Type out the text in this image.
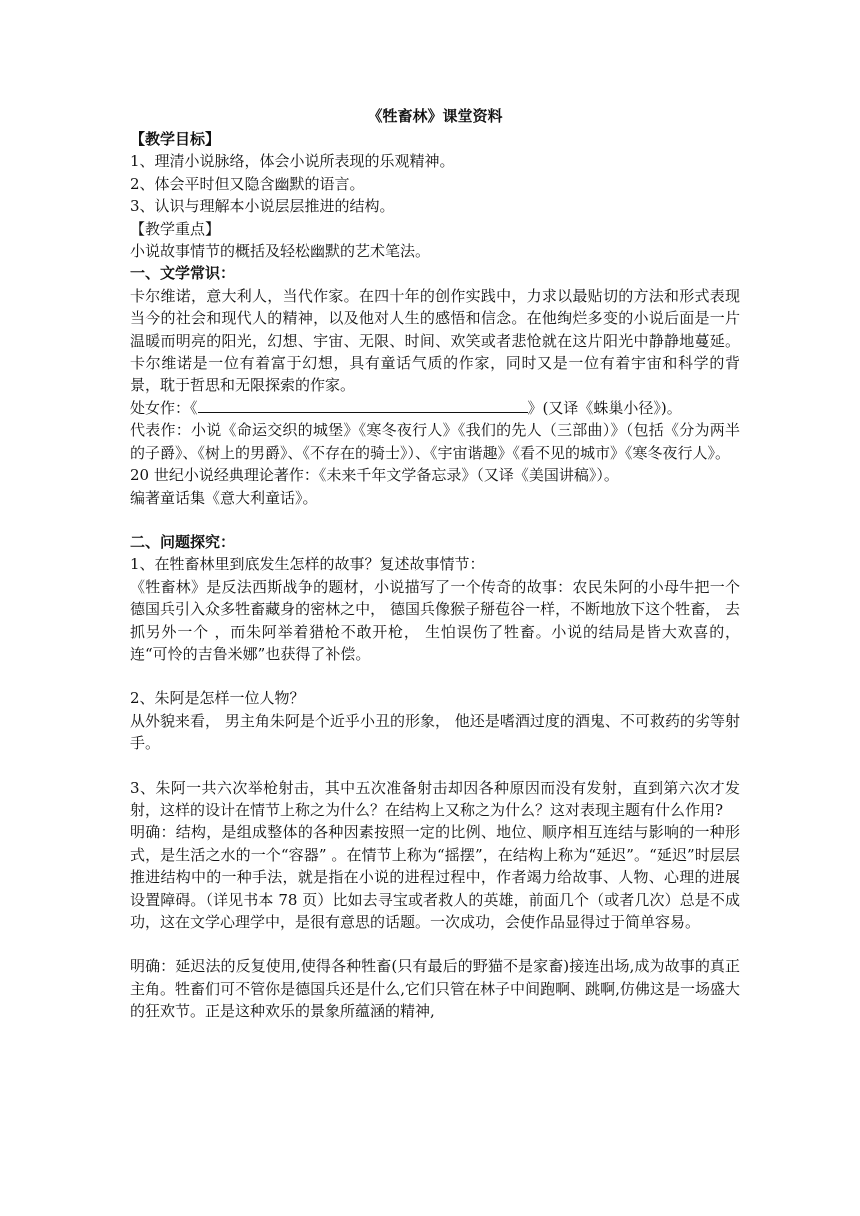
《牲畜林》课堂资料

【教学目标】

1、理清小说脉络，体会小说所表现的乐观精神。

2、体会平时但又隐含幽默的语言。

3、认识与理解本小说层层推进的结构。

【教学重点】

小说故事情节的概括及轻松幽默的艺术笔法。

一、文学常识：

卡尔维诺，意大利人，当代作家。在四十年的创作实践中，力求以最贴切的方法和形式表现当今的社会和现代人的精神，以及他对人生的感悟和信念。在他绚烂多变的小说后面是一片温暖而明亮的阳光，幻想、宇宙、无限、时间、欢笑或者悲怆就在这片阳光中静静地蔓延。卡尔维诺是一位有着富于幻想，具有童话气质的作家，同时又是一位有着宇宙和科学的背景，耽于哲思和无限探索的作家。

处女作：《	》(又译《蛛巢小径》)。

代表作：小说《命运交织的城堡》《寒冬夜行人》《我们的先人（三部曲）》（包括《分为两半的子爵》、《树上的男爵》、《不存在的骑士》）、《宇宙谐趣》《看不见的城市》《寒冬夜行人》。

20 世纪小说经典理论著作：《未来千年文学备忘录》（又译《美国讲稿》）。

编著童话集《意大利童话》。

二、问题探究：

1、在牲畜林里到底发生怎样的故事？复述故事情节：

《牲畜林》是反法西斯战争的题材，小说描写了一个传奇的故事：农民朱阿的小母牛把一个德国兵引入众多牲畜藏身的密林之中， 德国兵像猴子掰苞谷一样，不断地放下这个牲畜， 去抓另外一个 ，而朱阿举着猎枪不敢开枪， 生怕误伤了牲畜。小说的结局是皆大欢喜的， 连“可怜的吉鲁米娜”也获得了补偿。

2、朱阿是怎样一位人物？

从外貌来看， 男主角朱阿是个近乎小丑的形象， 他还是嗜酒过度的酒鬼、不可救药的劣等射手。

3、朱阿一共六次举枪射击，其中五次准备射击却因各种原因而没有发射，直到第六次才发射，这样的设计在情节上称之为什么？在结构上又称之为什么？这对表现主题有什么作用?

明确：结构，是组成整体的各种因素按照一定的比例、地位、顺序相互连结与影响的一种形式，是生活之水的一个“容器” 。在情节上称为“摇摆”，在结构上称为“延迟”。“延迟”时层层推进结构中的一种手法，就是指在小说的进程过程中，作者竭力给故事、人物、心理的进展设置障碍。（详见书本 78 页）比如去寻宝或者救人的英雄，前面几个（或者几次）总是不成功，这在文学心理学中，是很有意思的话题。一次成功，会使作品显得过于简单容易。

明确：延迟法的反复使用,使得各种牲畜(只有最后的野猫不是家畜)接连出场,成为故事的真正主角。牲畜们可不管你是德国兵还是什么,它们只管在林子中间跑啊、跳啊,仿佛这是一场盛大的狂欢节。正是这种欢乐的景象所蕴涵的精神,
